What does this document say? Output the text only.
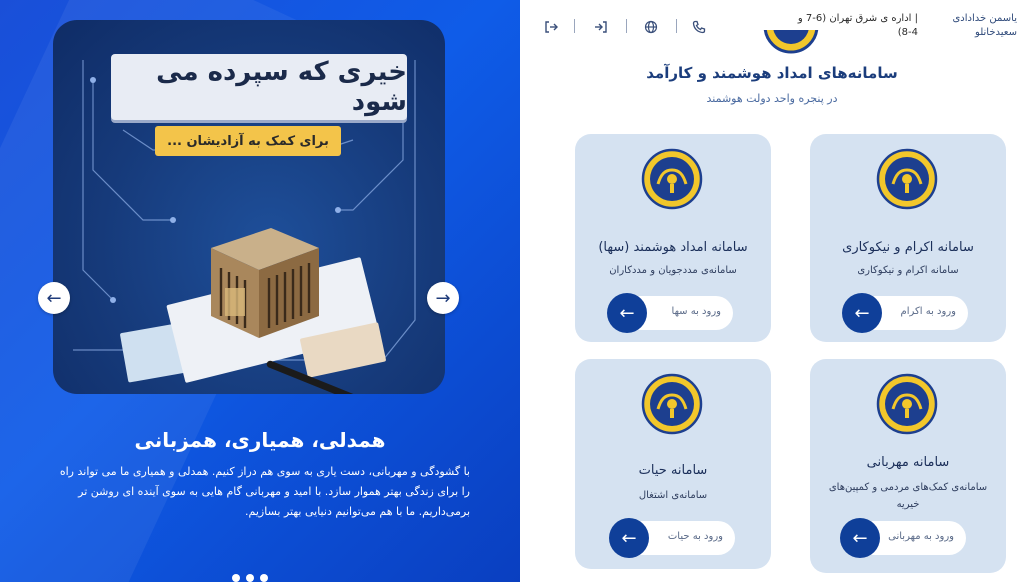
خیری که سپرده می شود
برای کمک به آزادیشان ...
←	→
همدلی، همیاری، همزبانی
با گشودگی و مهربانی، دست یاری به سوی هم دراز کنیم. همدلی و همیاری ما می تواند راه را برای زندگی بهتر هموار سازد. با امید و مهربانی گام هایی به سوی آینده ای روشن تر برمی‌داریم. ما با هم می‌توانیم دنیایی بهتر بسازیم.
| اداره ی شرق تهران (6-7 و 4-8)
یاسمن خدادادی سعیدخانلو
سامانه‌های امداد هوشمند و کارآمد
در پنجره واحد دولت هوشمند
سامانه اکرام و نیکوکاری
سامانه اکرام و نیکوکاری
ورود به اکرام
←
سامانه امداد هوشمند (سها)
سامانه‌ی مددجویان و مددکاران
ورود به سها
←
سامانه مهربانی
سامانه‌ی کمک‌های مردمی و کمپین‌های خیریه
ورود به مهربانی
←
سامانه حیات
سامانه‌ی اشتغال
ورود به حیات
←
